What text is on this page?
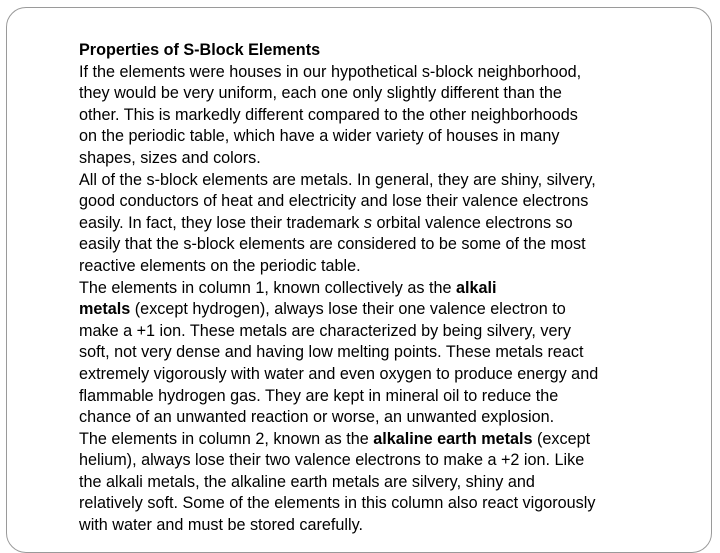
Properties of S-Block Elements
If the elements were houses in our hypothetical s-block neighborhood,
they would be very uniform, each one only slightly different than the
other. This is markedly different compared to the other neighborhoods
on the periodic table, which have a wider variety of houses in many
shapes, sizes and colors.
All of the s-block elements are metals. In general, they are shiny, silvery,
good conductors of heat and electricity and lose their valence electrons
easily. In fact, they lose their trademark s orbital valence electrons so
easily that the s-block elements are considered to be some of the most
reactive elements on the periodic table.
The elements in column 1, known collectively as the alkali
metals (except hydrogen), always lose their one valence electron to
make a +1 ion. These metals are characterized by being silvery, very
soft, not very dense and having low melting points. These metals react
extremely vigorously with water and even oxygen to produce energy and
flammable hydrogen gas. They are kept in mineral oil to reduce the
chance of an unwanted reaction or worse, an unwanted explosion.
The elements in column 2, known as the alkaline earth metals (except
helium), always lose their two valence electrons to make a +2 ion. Like
the alkali metals, the alkaline earth metals are silvery, shiny and
relatively soft. Some of the elements in this column also react vigorously
with water and must be stored carefully.
